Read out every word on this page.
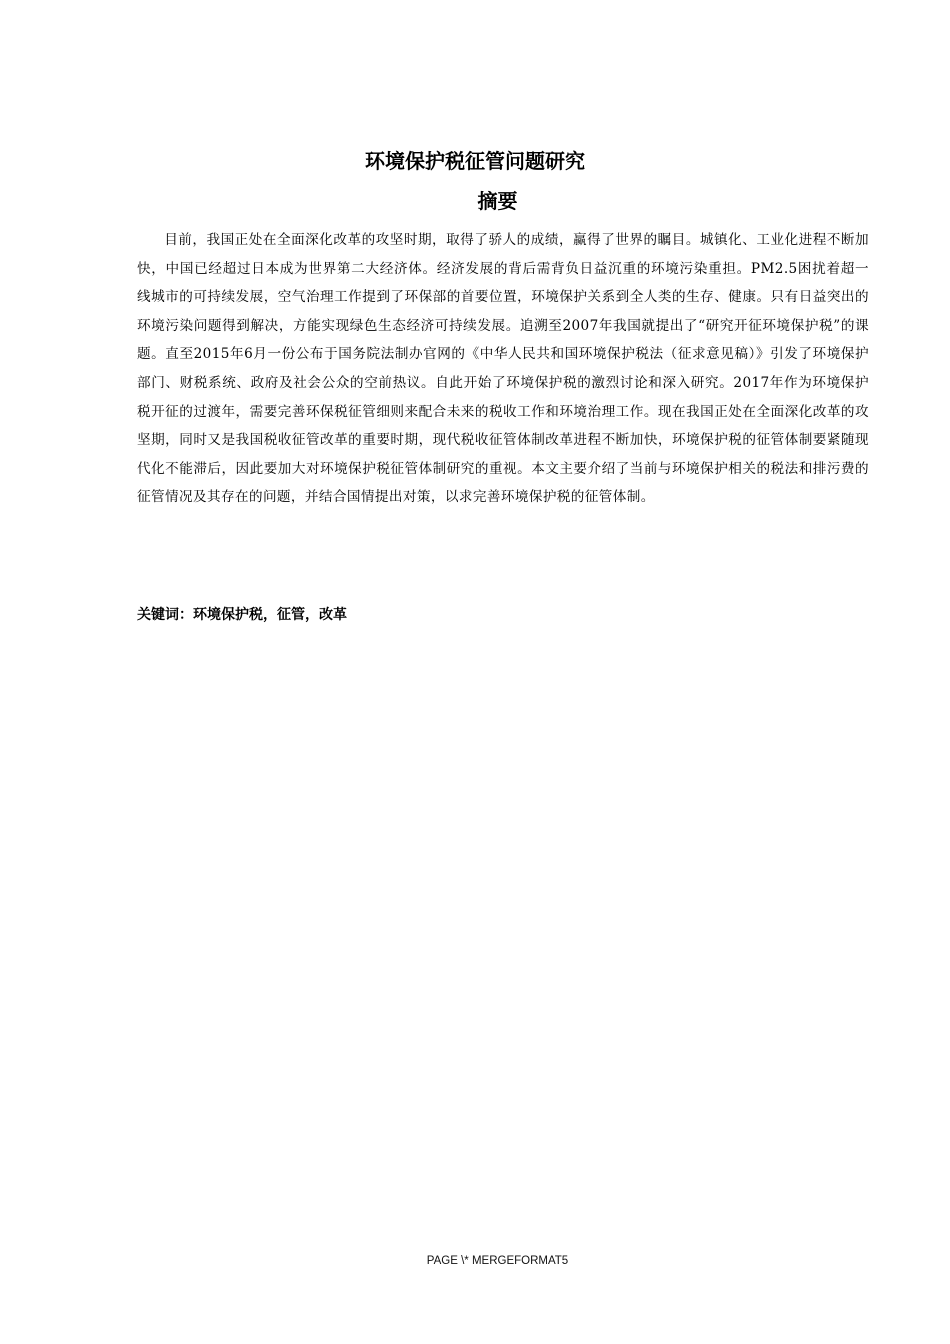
环境保护税征管问题研究
摘要
目前，我国正处在全面深化改革的攻坚时期，取得了骄人的成绩，赢得了世界的瞩目。城镇化、工业化进程不断加快，中国已经超过日本成为世界第二大经济体。经济发展的背后需背负日益沉重的环境污染重担。PM2.5困扰着超一线城市的可持续发展，空气治理工作提到了环保部的首要位置，环境保护关系到全人类的生存、健康。只有日益突出的环境污染问题得到解决，方能实现绿色生态经济可持续发展。追溯至2007年我国就提出了“研究开征环境保护税”的课题。直至2015年6月一份公布于国务院法制办官网的《中华人民共和国环境保护税法（征求意见稿）》引发了环境保护部门、财税系统、政府及社会公众的空前热议。自此开始了环境保护税的激烈讨论和深入研究。2017年作为环境保护税开征的过渡年，需要完善环保税征管细则来配合未来的税收工作和环境治理工作。现在我国正处在全面深化改革的攻坚期，同时又是我国税收征管改革的重要时期，现代税收征管体制改革进程不断加快，环境保护税的征管体制要紧随现代化不能滞后，因此要加大对环境保护税征管体制研究的重视。本文主要介绍了当前与环境保护相关的税法和排污费的征管情况及其存在的问题，并结合国情提出对策，以求完善环境保护税的征管体制。
关键词：环境保护税，征管，改革
PAGE \* MERGEFORMAT5
